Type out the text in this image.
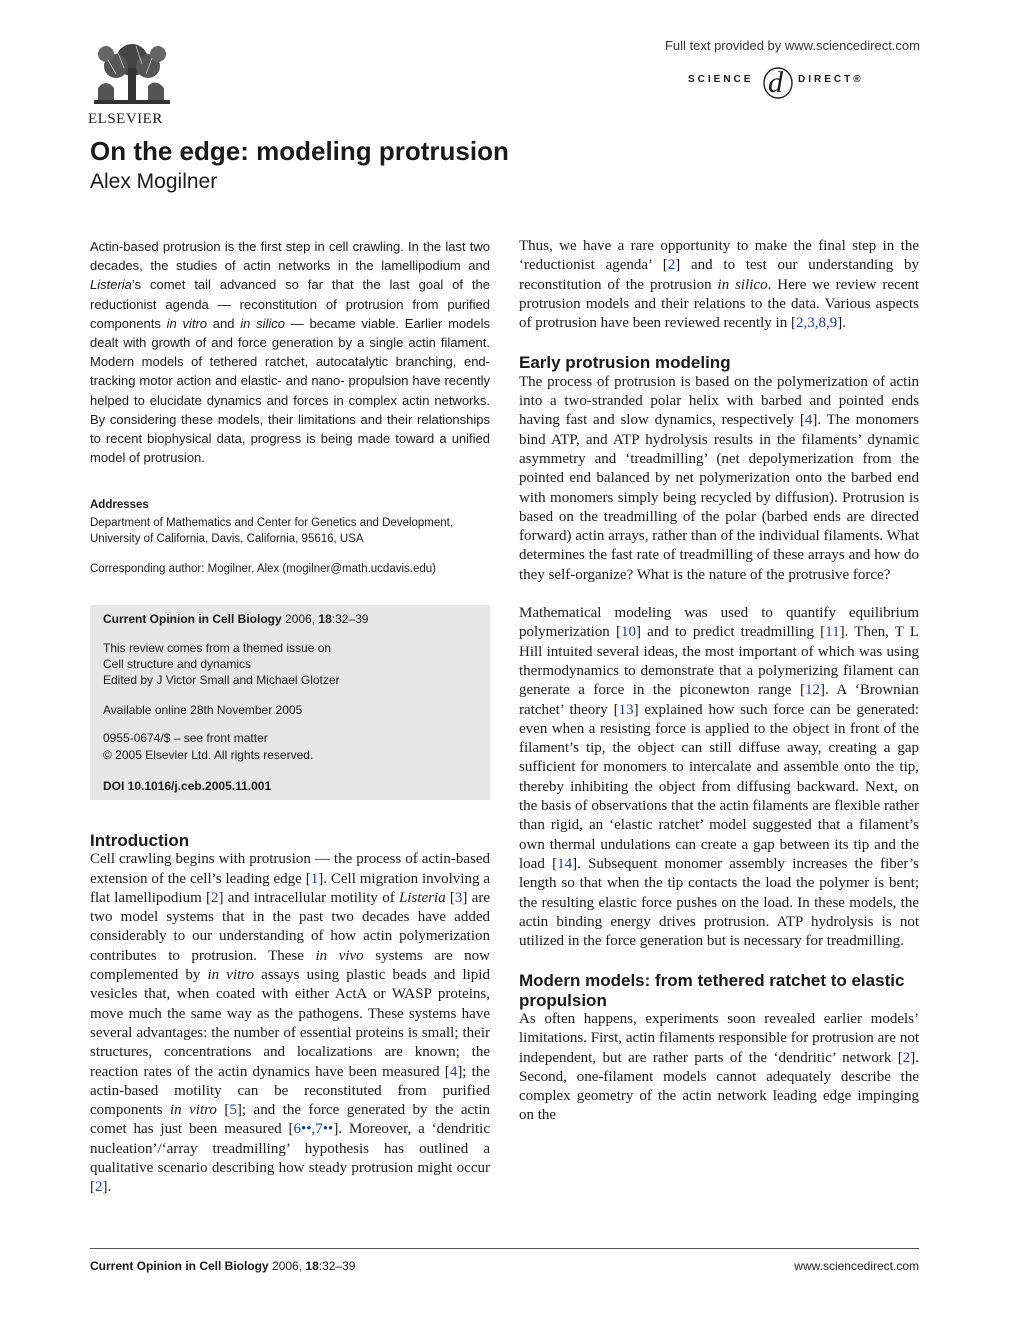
ELSEVIER
Full text provided by www.sciencedirect.com
SCIENCE d DIRECT®
On the edge: modeling protrusion
Alex Mogilner

Actin-based protrusion is the first step in cell crawling. In the last two decades, the studies of actin networks in the lamellipodium and Listeria’s comet tail advanced so far that the last goal of the reductionist agenda — reconstitution of protrusion from purified components in vitro and in silico — became viable. Earlier models dealt with growth of and force generation by a single actin filament. Modern models of tethered ratchet, autocatalytic branching, end-tracking motor action and elastic- and nano- propulsion have recently helped to elucidate dynamics and forces in complex actin networks. By considering these models, their limitations and their relationships to recent biophysical data, progress is being made toward a unified model of protrusion.

Addresses
Department of Mathematics and Center for Genetics and Development,
University of California, Davis, California, 95616, USA
Corresponding author: Mogilner, Alex (mogilner@math.ucdavis.edu)

Current Opinion in Cell Biology 2006, 18:32–39

This review comes from a themed issue on
Cell structure and dynamics
Edited by J Victor Small and Michael Glotzer

Available online 28th November 2005

0955-0674/$ – see front matter
© 2005 Elsevier Ltd. All rights reserved.

DOI 10.1016/j.ceb.2005.11.001

Introduction

Cell crawling begins with protrusion — the process of actin-based extension of the cell’s leading edge [1]. Cell migration involving a flat lamellipodium [2] and intracellular motility of Listeria [3] are two model systems that in the past two decades have added considerably to our understanding of how actin polymerization contributes to protrusion. These in vivo systems are now complemented by in vitro assays using plastic beads and lipid vesicles that, when coated with either ActA or WASP proteins, move much the same way as the pathogens. These systems have several advantages: the number of essential proteins is small; their structures, concentrations and localizations are known; the reaction rates of the actin dynamics have been measured [4]; the actin-based motility can be reconstituted from purified components in vitro [5]; and the force generated by the actin comet has just been measured [6••,7••]. Moreover, a ‘dendritic nucleation’/‘array treadmilling’ hypothesis has outlined a qualitative scenario describing how steady protrusion might occur [2].

Thus, we have a rare opportunity to make the final step in the ‘reductionist agenda’ [2] and to test our understanding by reconstitution of the protrusion in silico. Here we review recent protrusion models and their relations to the data. Various aspects of protrusion have been reviewed recently in [2,3,8,9].

Early protrusion modeling

The process of protrusion is based on the polymerization of actin into a two-stranded polar helix with barbed and pointed ends having fast and slow dynamics, respectively [4]. The monomers bind ATP, and ATP hydrolysis results in the filaments’ dynamic asymmetry and ‘treadmilling’ (net depolymerization from the pointed end balanced by net polymerization onto the barbed end with monomers simply being recycled by diffusion). Protrusion is based on the treadmilling of the polar (barbed ends are directed forward) actin arrays, rather than of the individual filaments. What determines the fast rate of treadmilling of these arrays and how do they self-organize? What is the nature of the protrusive force?

Mathematical modeling was used to quantify equilibrium polymerization [10] and to predict treadmilling [11]. Then, T L Hill intuited several ideas, the most important of which was using thermodynamics to demonstrate that a polymerizing filament can generate a force in the piconewton range [12]. A ‘Brownian ratchet’ theory [13] explained how such force can be generated: even when a resisting force is applied to the object in front of the filament’s tip, the object can still diffuse away, creating a gap sufficient for monomers to intercalate and assemble onto the tip, thereby inhibiting the object from diffusing backward. Next, on the basis of observations that the actin filaments are flexible rather than rigid, an ‘elastic ratchet’ model suggested that a filament’s own thermal undulations can create a gap between its tip and the load [14]. Subsequent monomer assembly increases the fiber’s length so that when the tip contacts the load the polymer is bent; the resulting elastic force pushes on the load. In these models, the actin binding energy drives protrusion. ATP hydrolysis is not utilized in the force generation but is necessary for treadmilling.

Modern models: from tethered ratchet to elastic propulsion

As often happens, experiments soon revealed earlier models’ limitations. First, actin filaments responsible for protrusion are not independent, but are rather parts of the ‘dendritic’ network [2]. Second, one-filament models cannot adequately describe the complex geometry of the actin network leading edge impinging on the

Current Opinion in Cell Biology 2006, 18:32–39	www.sciencedirect.com
